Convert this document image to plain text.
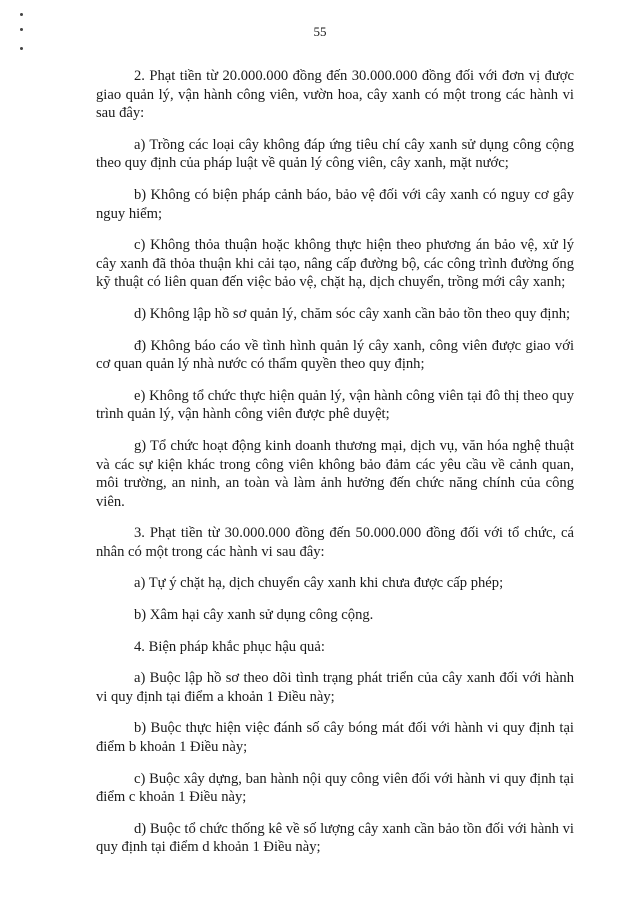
55

2. Phạt tiền từ 20.000.000 đồng đến 30.000.000 đồng đối với đơn vị được giao quản lý, vận hành công viên, vườn hoa, cây xanh có một trong các hành vi sau đây:

a) Trồng các loại cây không đáp ứng tiêu chí cây xanh sử dụng công cộng theo quy định của pháp luật về quản lý công viên, cây xanh, mặt nước;

b) Không có biện pháp cảnh báo, bảo vệ đối với cây xanh có nguy cơ gây nguy hiểm;

c) Không thỏa thuận hoặc không thực hiện theo phương án bảo vệ, xử lý cây xanh đã thỏa thuận khi cải tạo, nâng cấp đường bộ, các công trình đường ống kỹ thuật có liên quan đến việc bảo vệ, chặt hạ, dịch chuyển, trồng mới cây xanh;

d) Không lập hồ sơ quản lý, chăm sóc cây xanh cần bảo tồn theo quy định;

đ) Không báo cáo về tình hình quản lý cây xanh, công viên được giao với cơ quan quản lý nhà nước có thẩm quyền theo quy định;

e) Không tổ chức thực hiện quản lý, vận hành công viên tại đô thị theo quy trình quản lý, vận hành công viên được phê duyệt;

g) Tổ chức hoạt động kinh doanh thương mại, dịch vụ, văn hóa nghệ thuật và các sự kiện khác trong công viên không bảo đảm các yêu cầu về cảnh quan, môi trường, an ninh, an toàn và làm ảnh hưởng đến chức năng chính của công viên.

3. Phạt tiền từ 30.000.000 đồng đến 50.000.000 đồng đối với tổ chức, cá nhân có một trong các hành vi sau đây:

a) Tự ý chặt hạ, dịch chuyển cây xanh khi chưa được cấp phép;

b) Xâm hại cây xanh sử dụng công cộng.

4. Biện pháp khắc phục hậu quả:

a) Buộc lập hồ sơ theo dõi tình trạng phát triển của cây xanh đối với hành vi quy định tại điểm a khoản 1 Điều này;

b) Buộc thực hiện việc đánh số cây bóng mát đối với hành vi quy định tại điểm b khoản 1 Điều này;

c) Buộc xây dựng, ban hành nội quy công viên đối với hành vi quy định tại điểm c khoản 1 Điều này;

d) Buộc tổ chức thống kê về số lượng cây xanh cần bảo tồn đối với hành vi quy định tại điểm d khoản 1 Điều này;
